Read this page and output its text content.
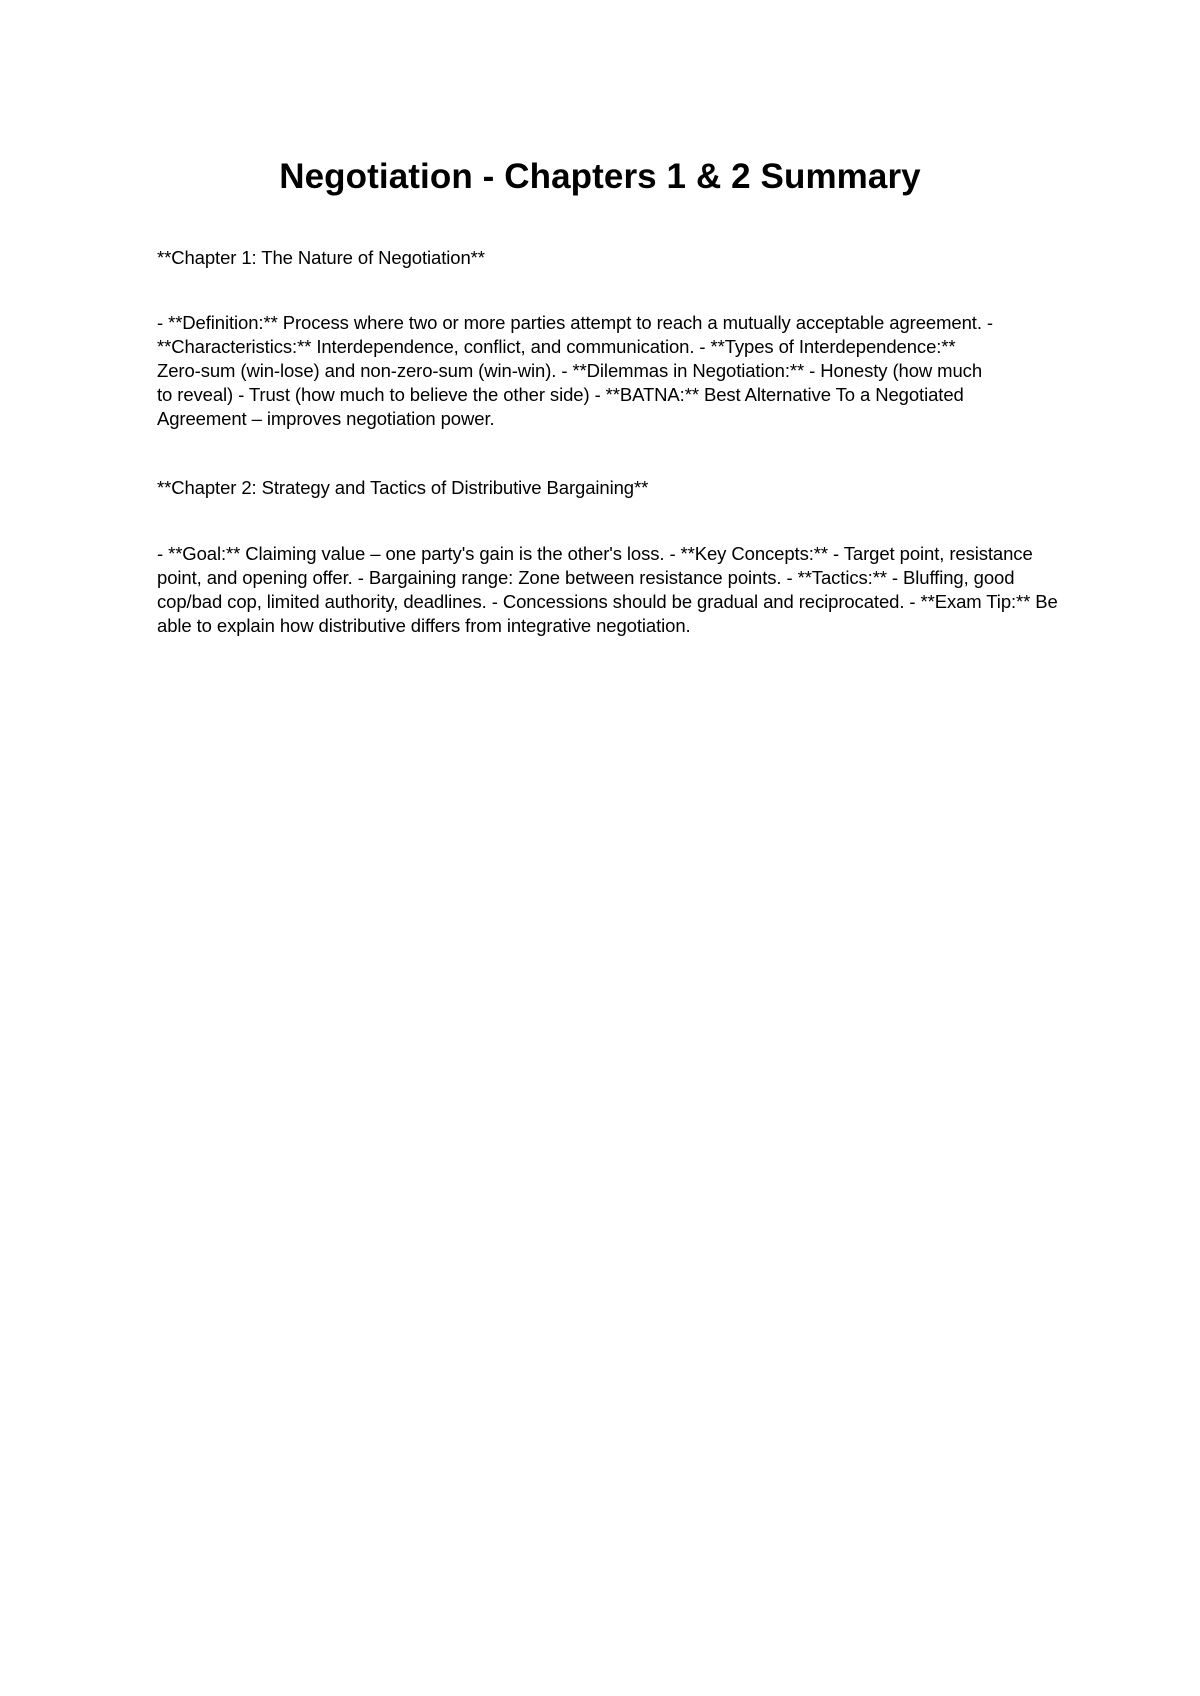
Negotiation - Chapters 1 & 2 Summary

**Chapter 1: The Nature of Negotiation**

- **Definition:** Process where two or more parties attempt to reach a mutually acceptable agreement. - **Characteristics:** Interdependence, conflict, and communication. - **Types of Interdependence:** Zero-sum (win-lose) and non-zero-sum (win-win). - **Dilemmas in Negotiation:** - Honesty (how much to reveal) - Trust (how much to believe the other side) - **BATNA:** Best Alternative To a Negotiated Agreement – improves negotiation power.

**Chapter 2: Strategy and Tactics of Distributive Bargaining**

- **Goal:** Claiming value – one party's gain is the other's loss. - **Key Concepts:** - Target point, resistance point, and opening offer. - Bargaining range: Zone between resistance points. - **Tactics:** - Bluffing, good cop/bad cop, limited authority, deadlines. - Concessions should be gradual and reciprocated. - **Exam Tip:** Be able to explain how distributive differs from integrative negotiation.
